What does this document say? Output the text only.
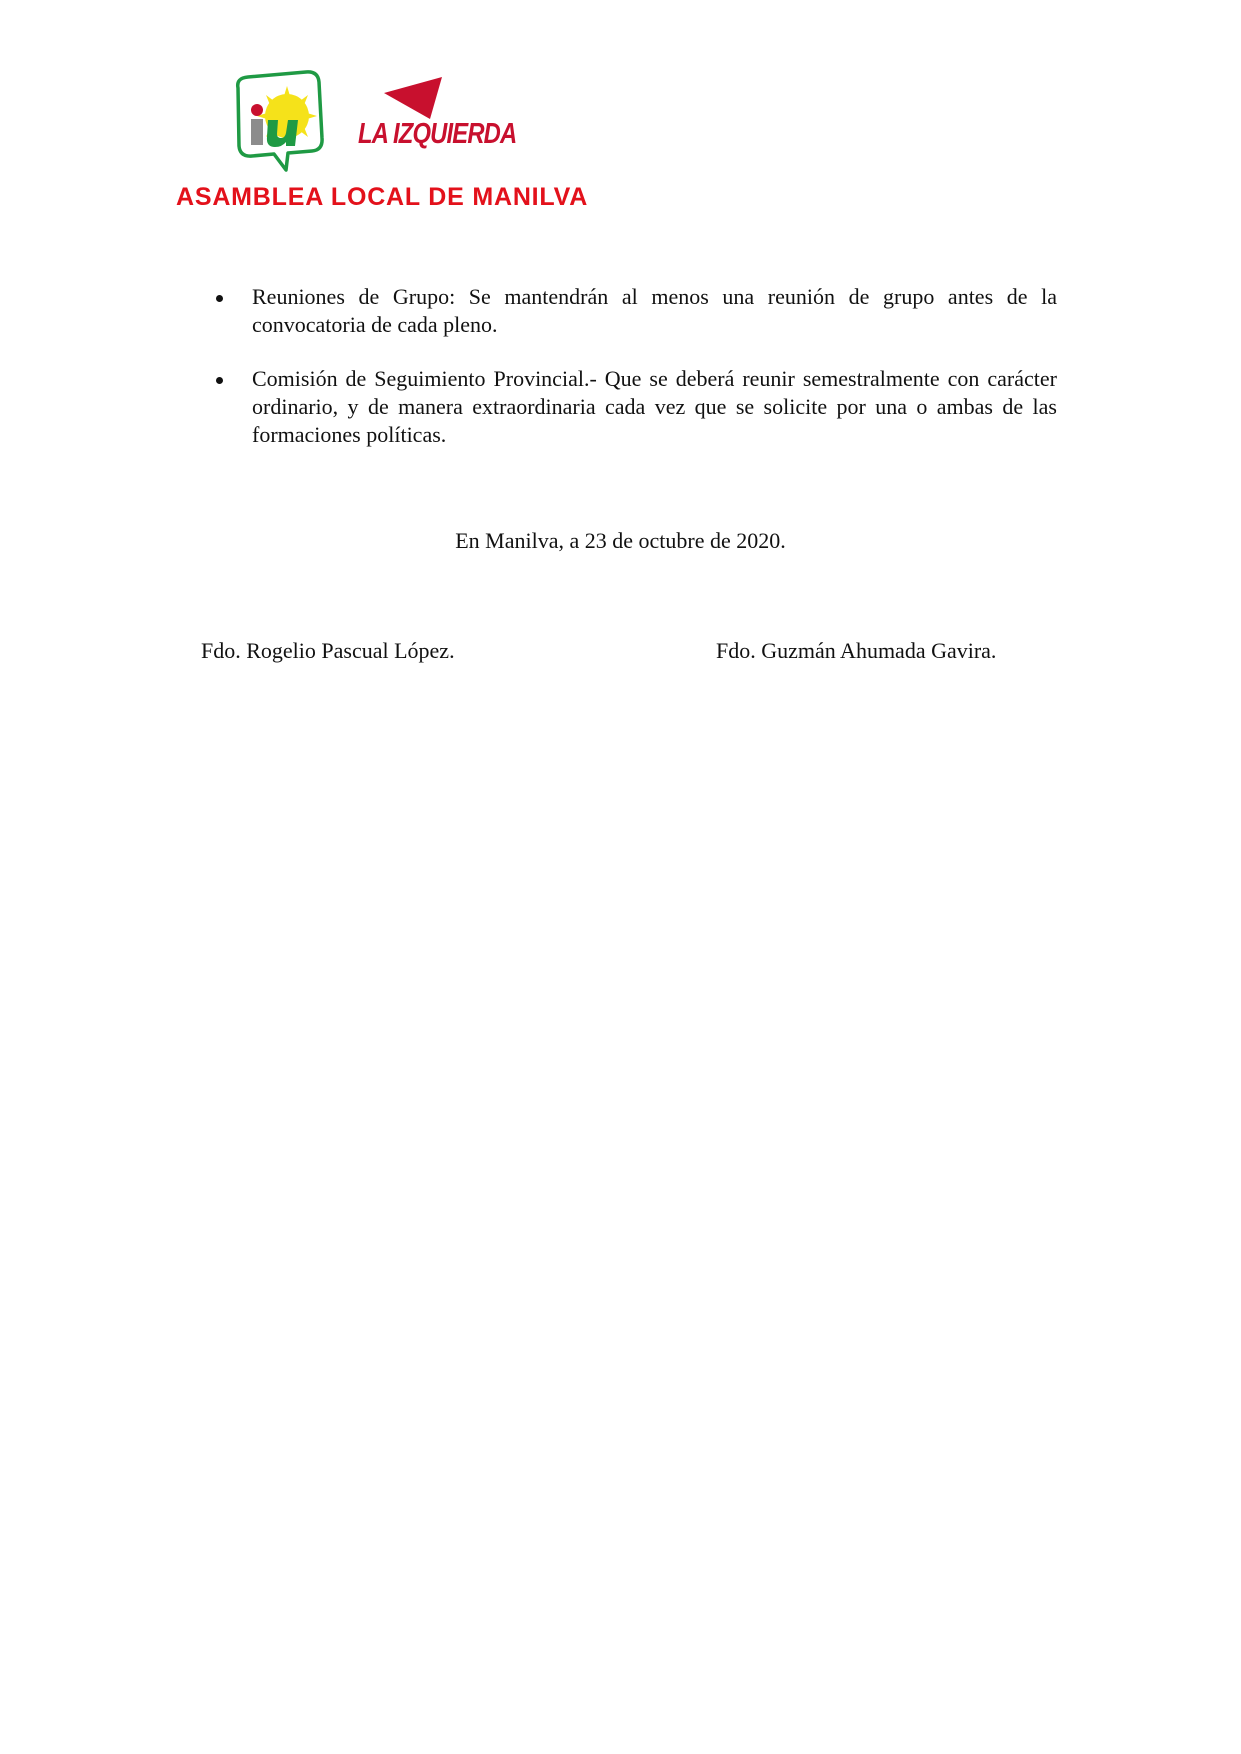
LA IZQUIERDA
ASAMBLEA LOCAL DE MANILVA
Reuniones de Grupo: Se mantendrán al menos una reunión de grupo antes de la convocatoria de cada pleno.
Comisión de Seguimiento Provincial.- Que se deberá reunir semestralmente con carácter ordinario, y de manera extraordinaria cada vez que se solicite por una o ambas de las formaciones políticas.
En Manilva, a 23 de octubre de 2020.
Fdo. Rogelio Pascual López.	Fdo. Guzmán Ahumada Gavira.
